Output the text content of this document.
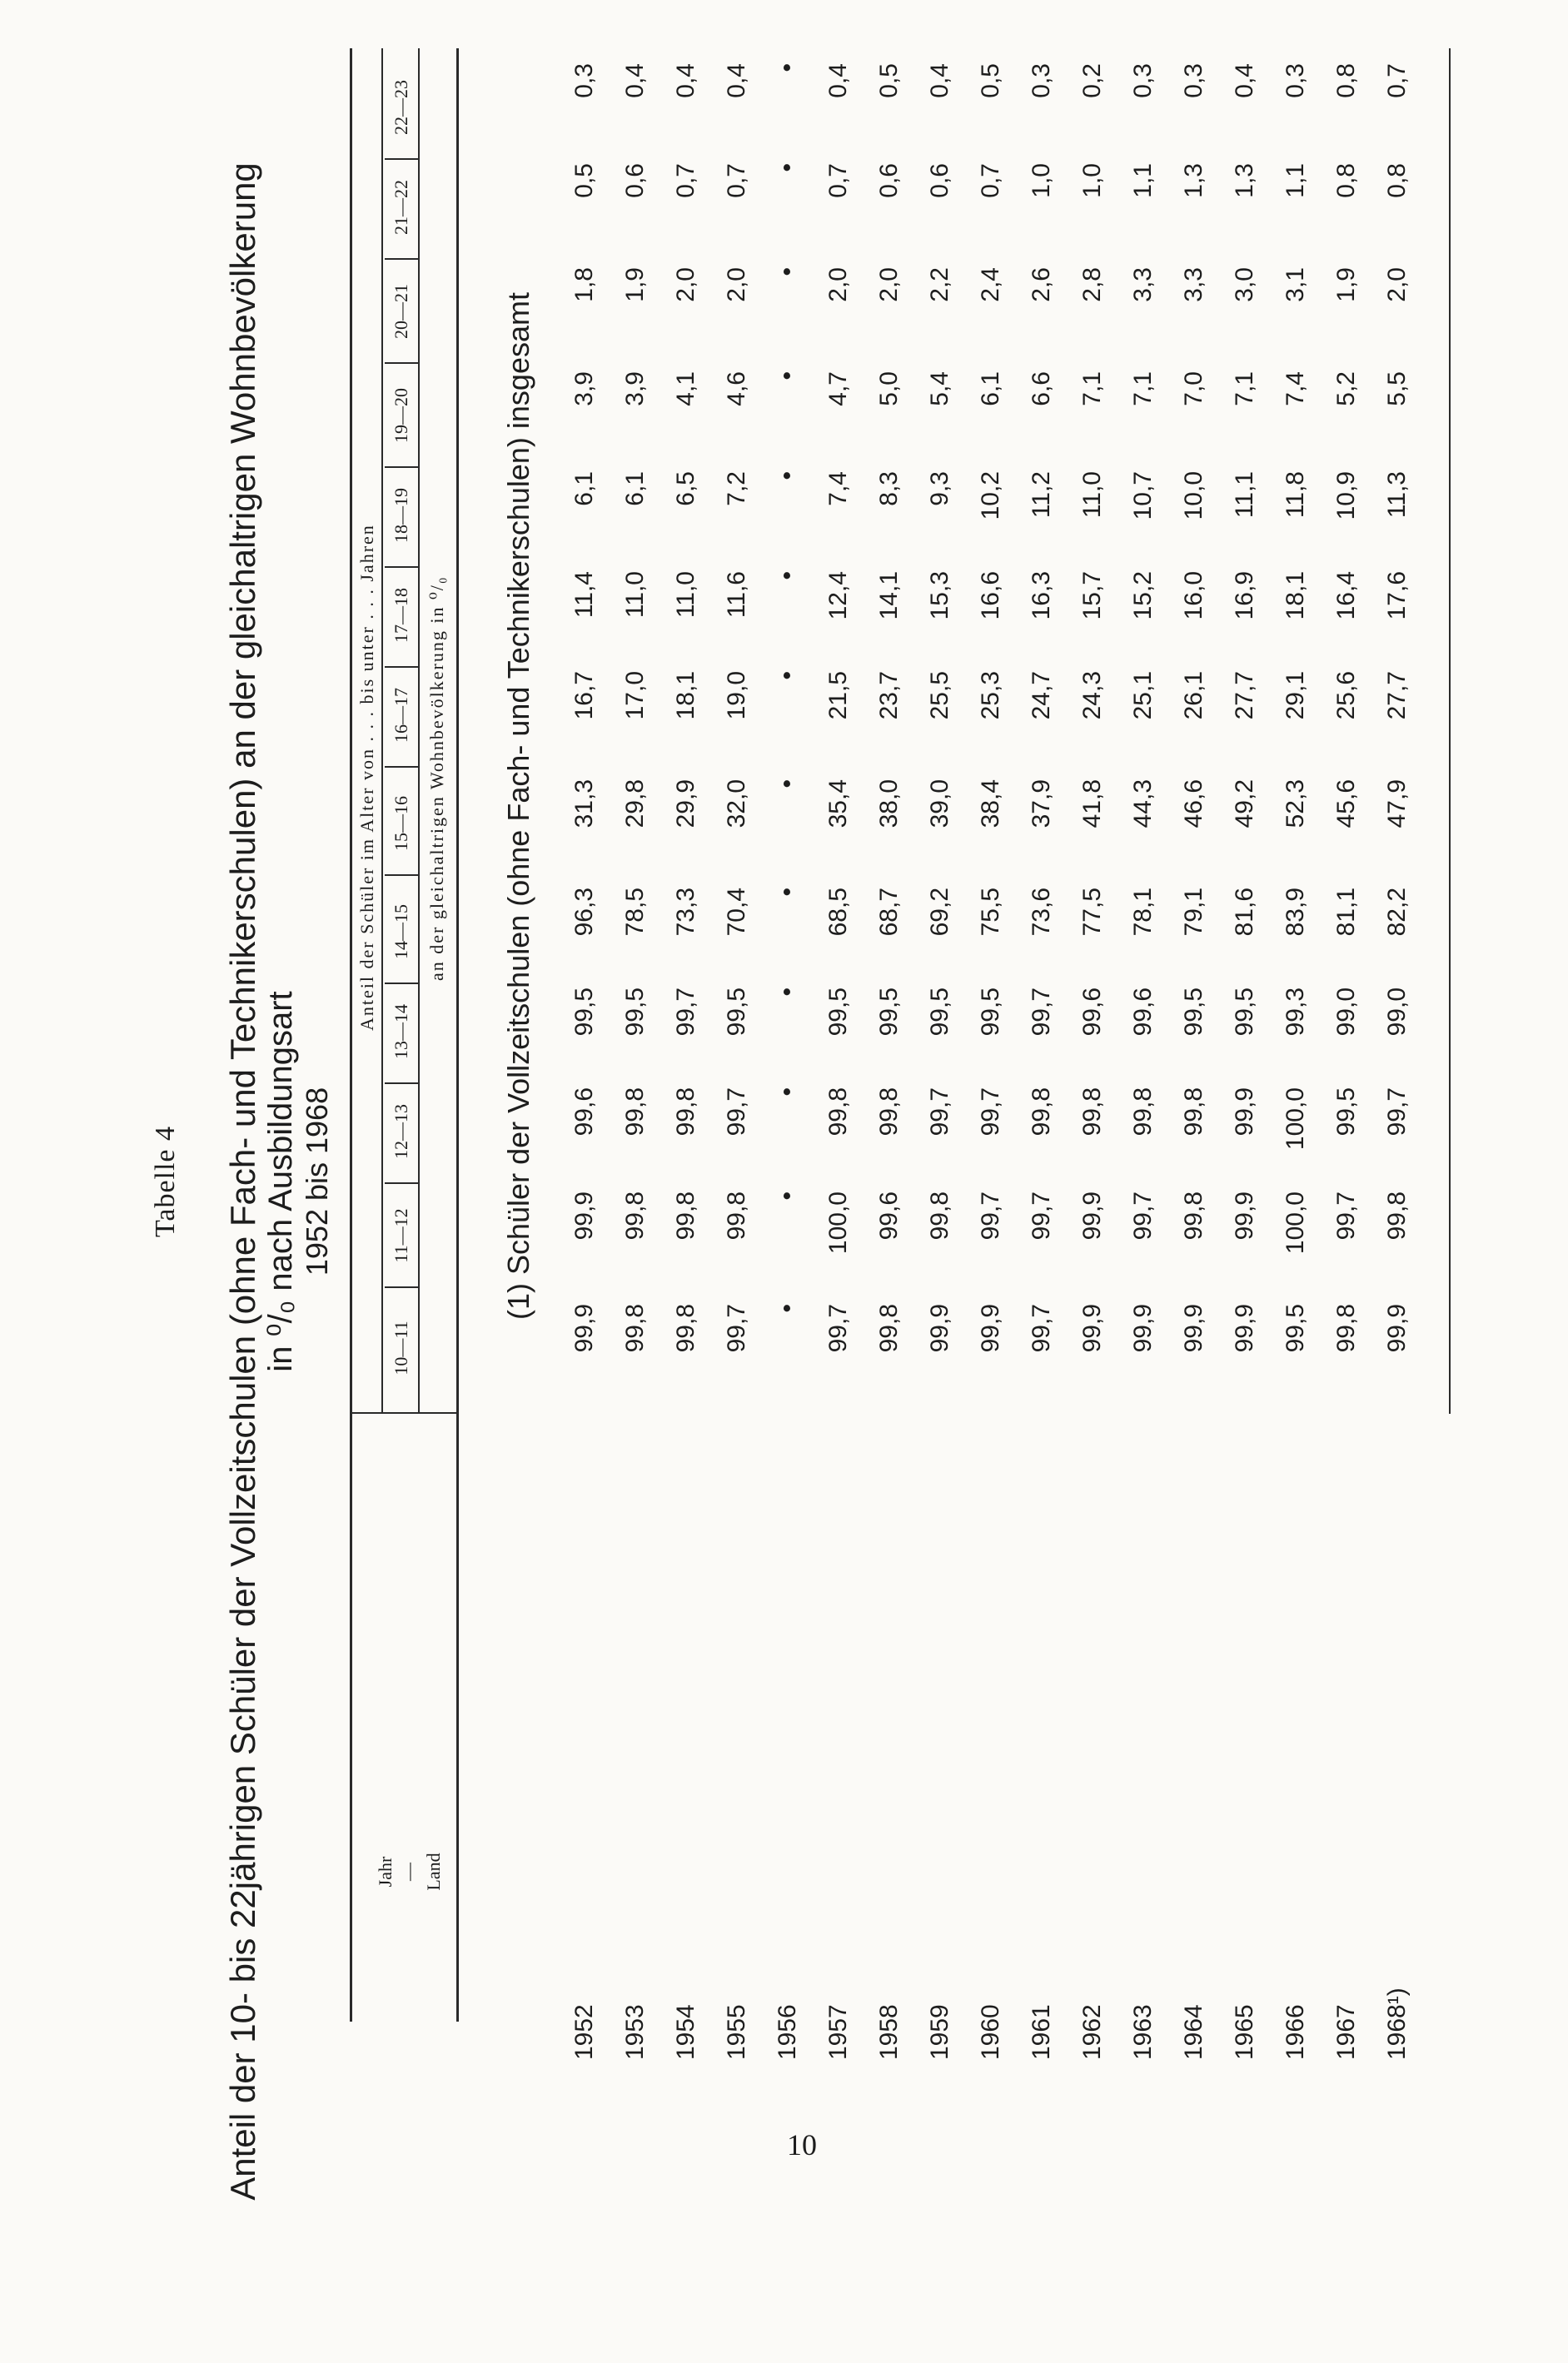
Tabelle 4 Anteil der 10- bis 22jährigen Schüler der Vollzeitschulen (ohne Fach- und Technikerschulen) an der gleichaltrigen Wohnbevölkerung in ⁰/₀ nach Ausbildungsart 1952 bis 1968
Jahr — Land
Anteil der Schüler im Alter von . . . bis unter . . . Jahren
10—11
11—12
12—13
13—14
14—15
15—16
16—17
17—18
18—19
19—20
20—21
21—22
22—23
an der gleichaltrigen Wohnbevölkerung in ⁰/₀ (1) Schüler der Vollzeitschulen (ohne Fach- und Technikerschulen) insgesamt
1952
99,9
99,9
99,6
99,5
96,3
31,3
16,7
11,4
6,1
3,9
1,8
0,5
0,3
1953
99,8
99,8
99,8
99,5
78,5
29,8
17,0
11,0
6,1
3,9
1,9
0,6
0,4
1954
99,8
99,8
99,8
99,7
73,3
29,9
18,1
11,0
6,5
4,1
2,0
0,7
0,4
1955
99,7
99,8
99,7
99,5
70,4
32,0
19,0
11,6
7,2
4,6
2,0
0,7
0,4
1956
•
•
•
•
•
•
•
•
•
•
•
•
•
1957
99,7
100,0
99,8
99,5
68,5
35,4
21,5
12,4
7,4
4,7
2,0
0,7
0,4
1958
99,8
99,6
99,8
99,5
68,7
38,0
23,7
14,1
8,3
5,0
2,0
0,6
0,5
1959
99,9
99,8
99,7
99,5
69,2
39,0
25,5
15,3
9,3
5,4
2,2
0,6
0,4
1960
99,9
99,7
99,7
99,5
75,5
38,4
25,3
16,6
10,2
6,1
2,4
0,7
0,5
1961
99,7
99,7
99,8
99,7
73,6
37,9
24,7
16,3
11,2
6,6
2,6
1,0
0,3
1962
99,9
99,9
99,8
99,6
77,5
41,8
24,3
15,7
11,0
7,1
2,8
1,0
0,2
1963
99,9
99,7
99,8
99,6
78,1
44,3
25,1
15,2
10,7
7,1
3,3
1,1
0,3
1964
99,9
99,8
99,8
99,5
79,1
46,6
26,1
16,0
10,0
7,0
3,3
1,3
0,3
1965
99,9
99,9
99,9
99,5
81,6
49,2
27,7
16,9
11,1
7,1
3,0
1,3
0,4
1966
99,5
100,0
100,0
99,3
83,9
52,3
29,1
18,1
11,8
7,4
3,1
1,1
0,3
1967
99,8
99,7
99,5
99,0
81,1
45,6
25,6
16,4
10,9
5,2
1,9
0,8
0,8
1968¹)
99,9
99,8
99,7
99,0
82,2
47,9
27,7
17,6
11,3
5,5
2,0
0,8
0,7
10
